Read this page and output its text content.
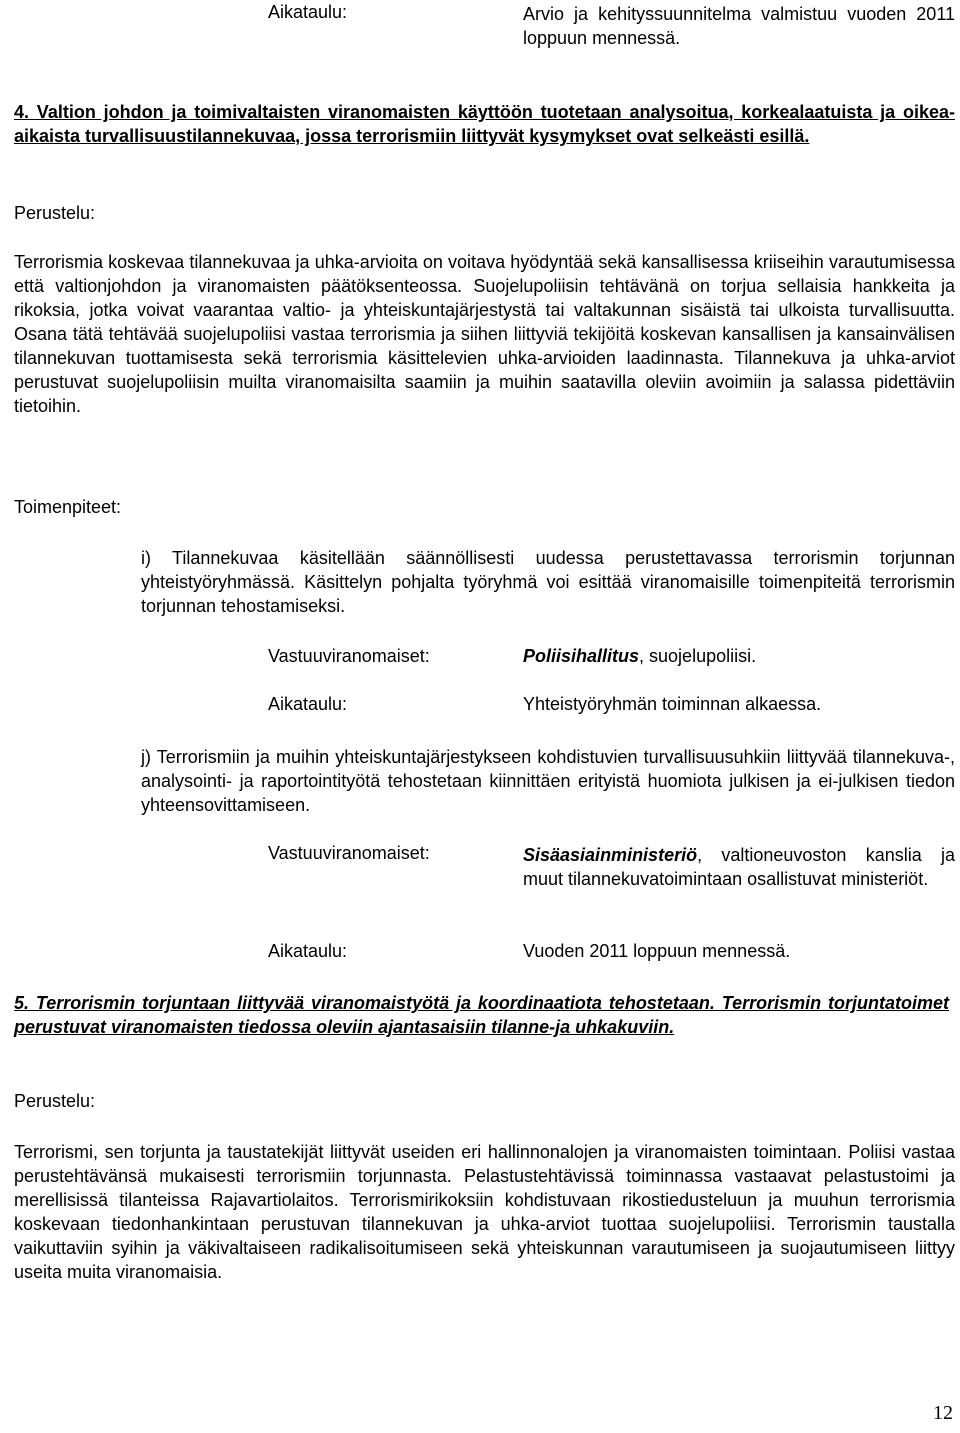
Aikataulu:	Arvio ja kehityssuunnitelma valmistuu vuoden 2011 loppuun mennessä.

4. Valtion johdon ja toimivaltaisten viranomaisten käyttöön tuotetaan analysoitua, korkealaatuista ja oikea-aikaista turvallisuustilannekuvaa, jossa terrorismiin liittyvät kysymykset ovat selkeästi esillä.

Perustelu:

Terrorismia koskevaa tilannekuvaa ja uhka-arvioita on voitava hyödyntää sekä kansallisessa kriiseihin varautumisessa että valtionjohdon ja viranomaisten päätöksenteossa. Suojelupoliisin tehtävänä on torjua sellaisia hankkeita ja rikoksia, jotka voivat vaarantaa valtio- ja yhteiskuntajärjestystä tai valtakunnan sisäistä tai ulkoista turvallisuutta. Osana tätä tehtävää suojelupoliisi vastaa terrorismia ja siihen liittyviä tekijöitä koskevan kansallisen ja kansainvälisen tilannekuvan tuottamisesta sekä terrorismia käsittelevien uhka-arvioiden laadinnasta. Tilannekuva ja uhka-arviot perustuvat suojelupoliisin muilta viranomaisilta saamiin ja muihin saatavilla oleviin avoimiin ja salassa pidettäviin tietoihin.

Toimenpiteet:

i) Tilannekuvaa käsitellään säännöllisesti uudessa perustettavassa terrorismin torjunnan yhteistyöryhmässä. Käsittelyn pohjalta työryhmä voi esittää viranomaisille toimenpiteitä terrorismin torjunnan tehostamiseksi.

Vastuuviranomaiset:	Poliisihallitus, suojelupoliisi.
Aikataulu:	Yhteistyöryhmän toiminnan alkaessa.

j) Terrorismiin ja muihin yhteiskuntajärjestykseen kohdistuvien turvallisuusuhkiin liittyvää tilannekuva-, analysointi- ja raportointityötä tehostetaan kiinnittäen erityistä huomiota julkisen ja ei-julkisen tiedon yhteensovittamiseen.

Vastuuviranomaiset:	Sisäasiainministeriö, valtioneuvoston kanslia ja muut tilannekuvatoimintaan osallistuvat ministeriöt.

Aikataulu:	Vuoden 2011 loppuun mennessä.

5. Terrorismin torjuntaan liittyvää viranomaistyötä ja koordinaatiota tehostetaan. Terrorismin torjuntatoimet perustuvat viranomaisten tiedossa oleviin ajantasaisiin tilanne-ja uhkakuviin.

Perustelu:

Terrorismi, sen torjunta ja taustatekijät liittyvät useiden eri hallinnonalojen ja viranomaisten toimintaan. Poliisi vastaa perustehtävänsä mukaisesti terrorismiin torjunnasta. Pelastustehtävissä toiminnassa vastaavat pelastustoimi ja merellisissä tilanteissa Rajavartiolaitos. Terrorismirikoksiin kohdistuvaan rikostiedusteluun ja muuhun terrorismia koskevaan tiedonhankintaan perustuvan tilannekuvan ja uhka-arviot tuottaa suojelupoliisi. Terrorismin taustalla vaikuttaviin syihin ja väkivaltaiseen radikalisoitumiseen sekä yhteiskunnan varautumiseen ja suojautumiseen liittyy useita muita viranomaisia.

12
